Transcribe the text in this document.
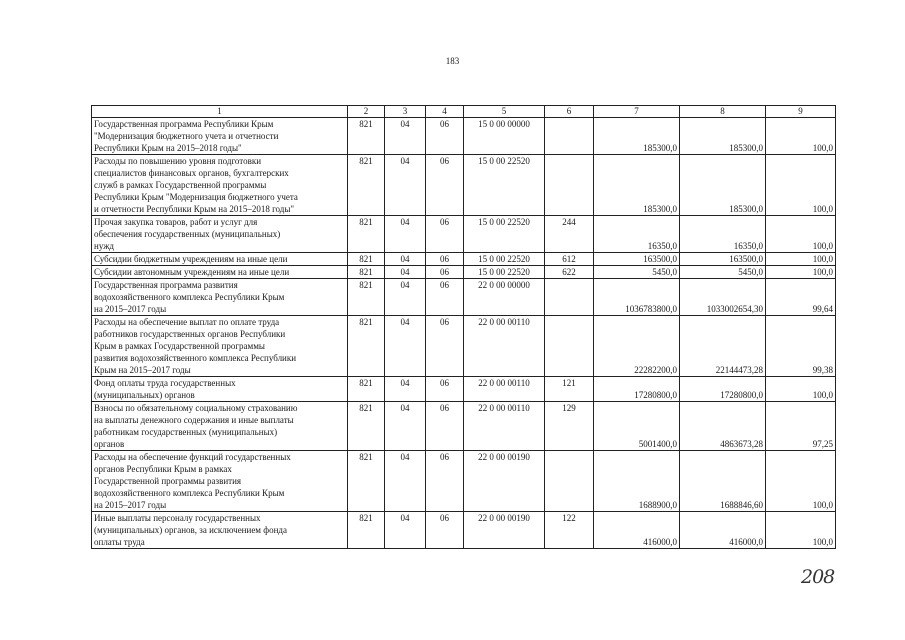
183
1	2	3	4	5	6	7	8	9
Государственная программа Республики Крым
"Модернизация бюджетного учета и отчетности
Республики Крым на 2015–2018 годы"	821	04	06	15 0 00 00000		185300,0	185300,0	100,0
Расходы по повышению уровня подготовки
специалистов финансовых органов, бухгалтерских
служб в рамках Государственной программы
Республики Крым "Модернизация бюджетного учета
и отчетности Республики Крым на 2015–2018 годы"	821	04	06	15 0 00 22520		185300,0	185300,0	100,0
Прочая закупка товаров, работ и услуг для
обеспечения государственных (муниципальных)
нужд	821	04	06	15 0 00 22520	244	16350,0	16350,0	100,0
Субсидии бюджетным учреждениям на иные цели	821	04	06	15 0 00 22520	612	163500,0	163500,0	100,0
Субсидии автономным учреждениям на иные цели	821	04	06	15 0 00 22520	622	5450,0	5450,0	100,0
Государственная программа развития
водохозяйственного комплекса Республики Крым
на 2015–2017 годы	821	04	06	22 0 00 00000		1036783800,0	1033002654,30	99,64
Расходы на обеспечение выплат по оплате труда
работников государственных органов Республики
Крым в рамках Государственной программы
развития водохозяйственного комплекса Республики
Крым на 2015–2017 годы	821	04	06	22 0 00 00110		22282200,0	22144473,28	99,38
Фонд оплаты труда государственных
(муниципальных) органов	821	04	06	22 0 00 00110	121	17280800,0	17280800,0	100,0
Взносы по обязательному социальному страхованию
на выплаты денежного содержания и иные выплаты
работникам государственных (муниципальных)
органов	821	04	06	22 0 00 00110	129	5001400,0	4863673,28	97,25
Расходы на обеспечение функций государственных
органов Республики Крым в рамках
Государственной программы развития
водохозяйственного комплекса Республики Крым
на 2015–2017 годы	821	04	06	22 0 00 00190		1688900,0	1688846,60	100,0
Иные выплаты персоналу государственных
(муниципальных) органов, за исключением фонда
оплаты труда	821	04	06	22 0 00 00190	122	416000,0	416000,0	100,0
208
